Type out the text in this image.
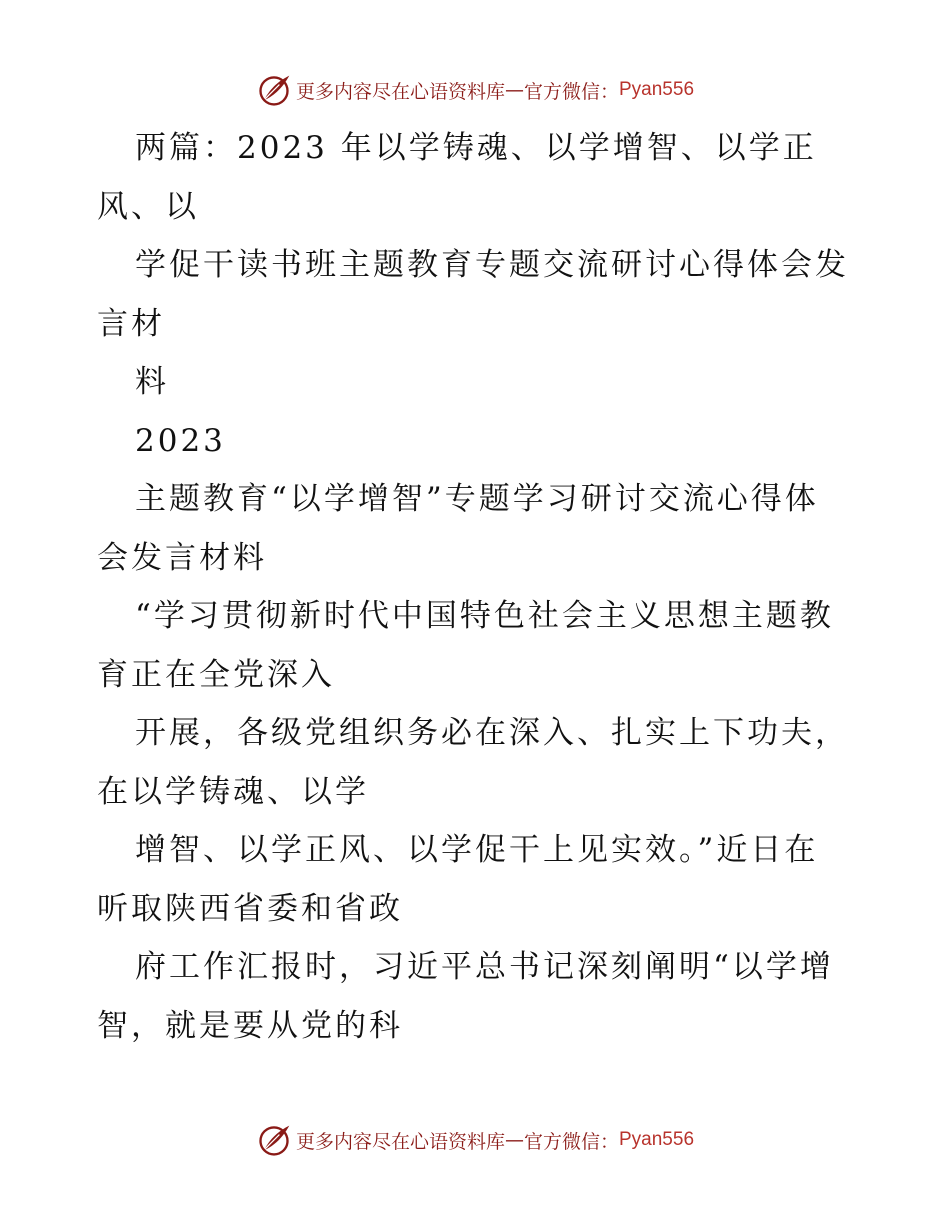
更多内容尽在心语资料库 — 官方微信： Pyan556
两篇：2023 年以学铸魂、以学增智、以学正
风、以
学促干读书班主题教育专题交流研讨心得体会发
言材
料
2023
主题教育“以学增智”专题学习研讨交流心得体
会发言材料
“学习贯彻新时代中国特色社会主义思想主题教
育正在全党深入
开展，各级党组织务必在深入、扎实上下功夫，
在以学铸魂、以学
增智、以学正风、以学促干上见实效。”近日在
听取陕西省委和省政
府工作汇报时，习近平总书记深刻阐明“以学增
智，就是要从党的科
更多内容尽在心语资料库 — 官方微信： Pyan556
